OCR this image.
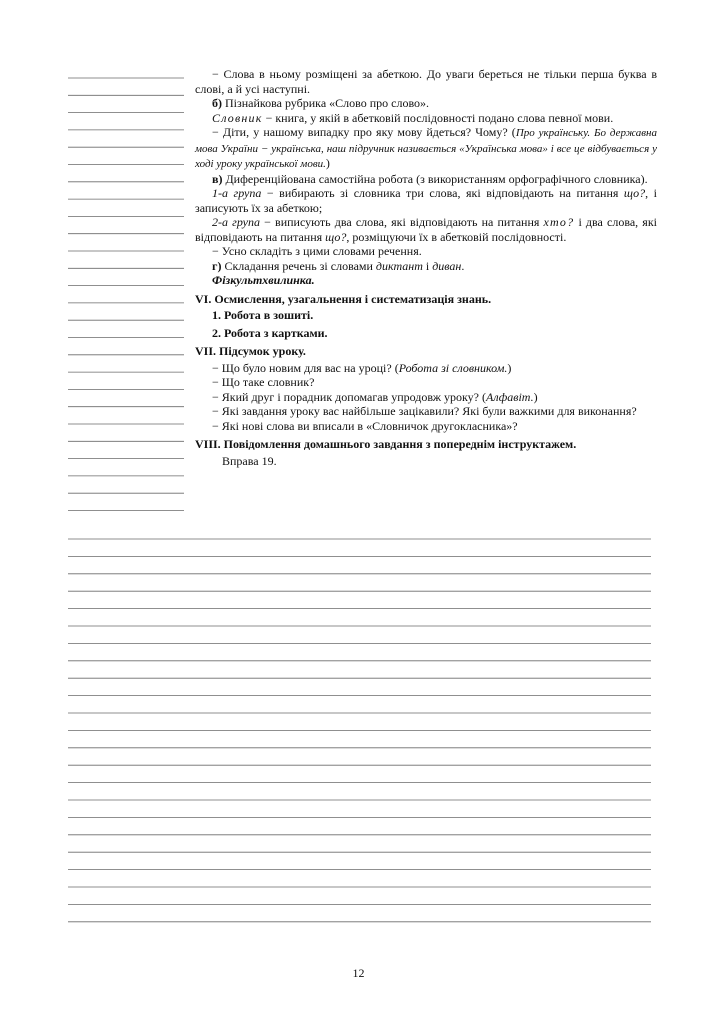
− Слова в ньому розміщені за абеткою. До уваги береться не тільки перша буква в слові, а й усі наступні.

б) Пізнайкова рубрика «Слово про слово».

Словник − книга, у якій в абетковій послідовності подано слова певної мови.

− Діти, у нашому випадку про яку мову йдеться? Чому? (Про українську. Бо державна мова України − українська, наш підручник називається «Українська мова» і все це відбувається у ході уроку української мови.)

в) Диференційована самостійна робота (з використанням орфографічного словника).

1-а група − вибирають зі словника три слова, які відповідають на питання що?, і записують їх за абеткою;

2-а група − виписують два слова, які відповідають на питання хто? і два слова, які відповідають на питання що?, розміщуючи їх в абетковій послідовності.

− Усно складіть з цими словами речення.

г) Складання речень зі словами диктант і диван.

Фізкультхвилинка.

VI. Осмислення, узагальнення і систематизація знань.

1. Робота в зошиті.

2. Робота з картками.

VII. Підсумок уроку.

− Що було новим для вас на уроці? (Робота зі словником.)

− Що таке словник?

− Який друг і порадник допомагав упродовж уроку? (Алфавіт.)

− Які завдання уроку вас найбільше зацікавили? Які були важкими для виконання?

− Які нові слова ви вписали в «Словничок другокласника»?

VIII. Повідомлення домашнього завдання з попереднім інструктажем.

Вправа 19.

12
